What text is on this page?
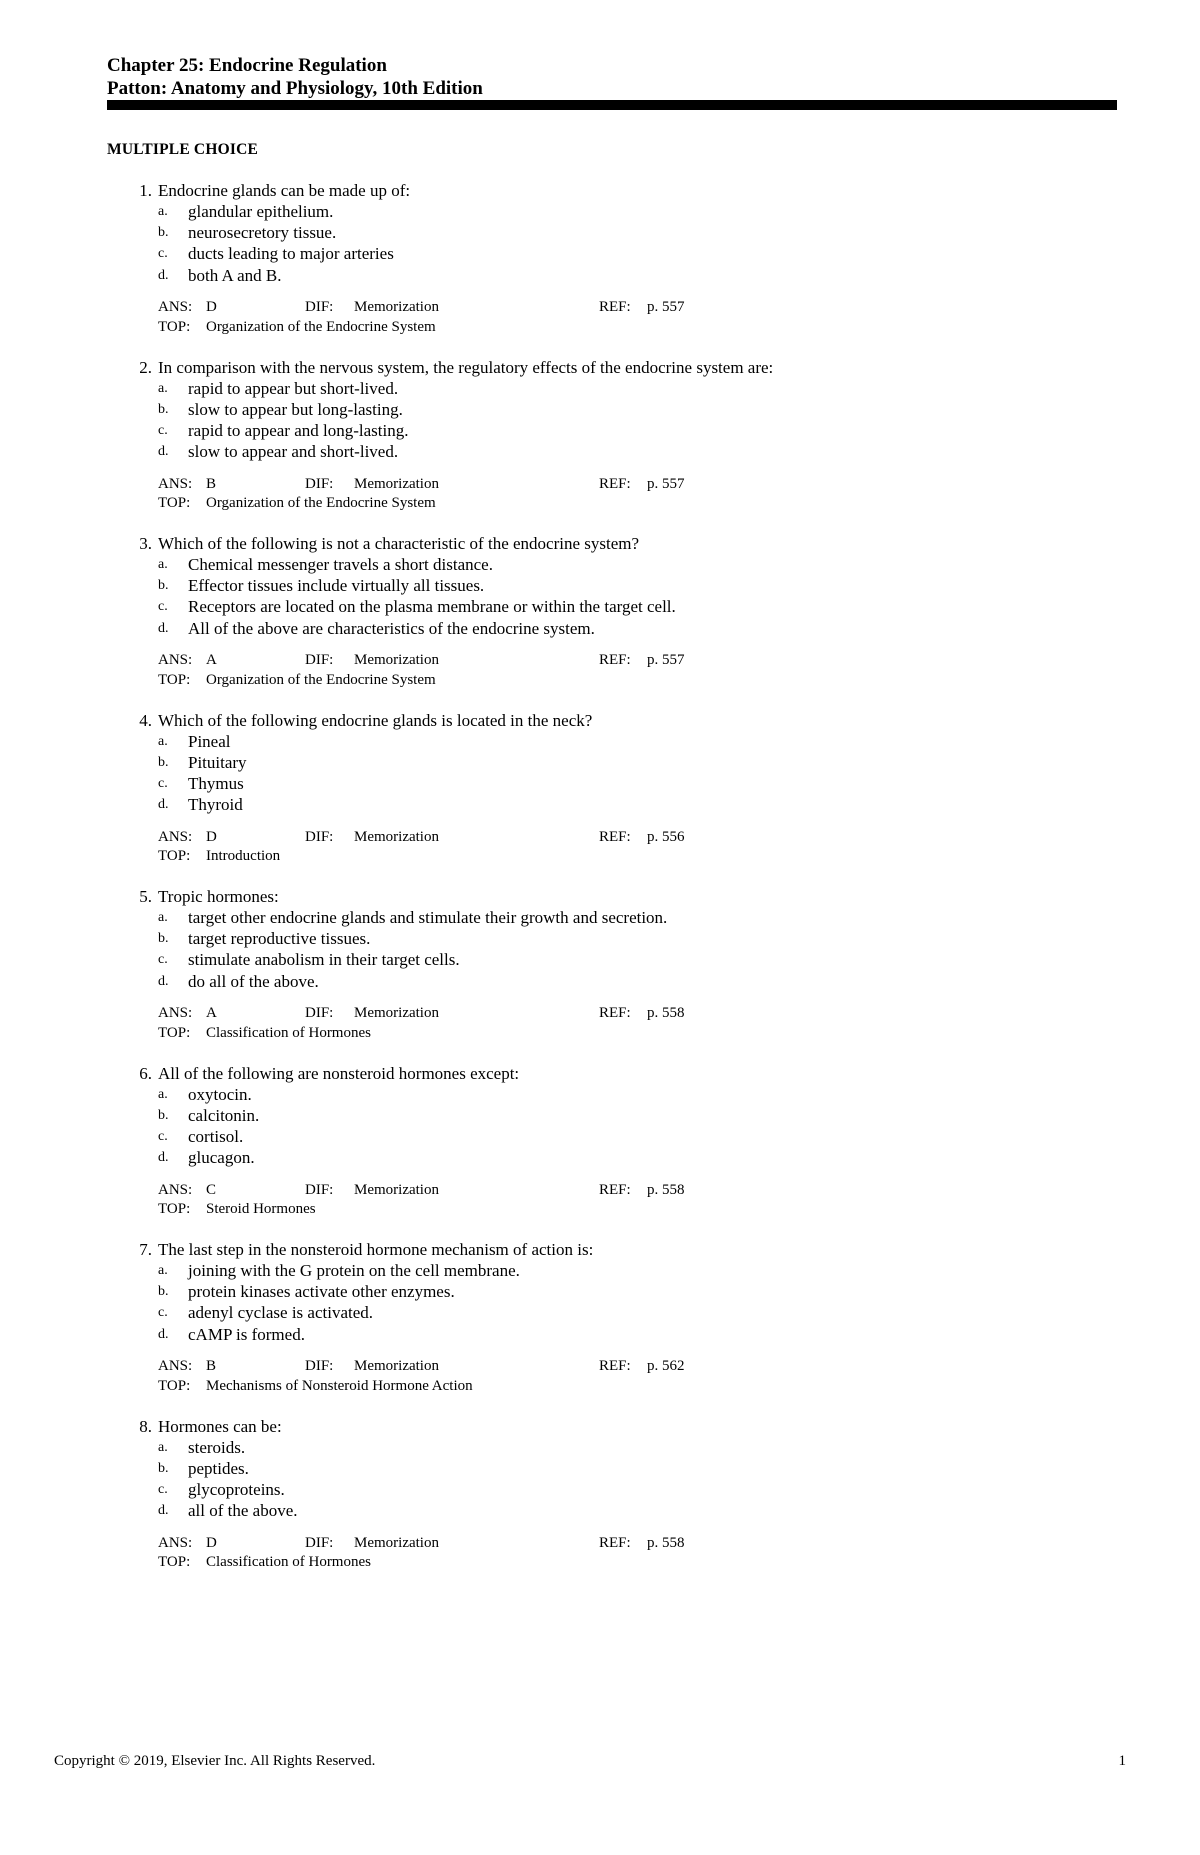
Chapter 25: Endocrine Regulation
Patton: Anatomy and Physiology, 10th Edition
MULTIPLE CHOICE
1. Endocrine glands can be made up of:
a. glandular epithelium.
b. neurosecretory tissue.
c. ducts leading to major arteries
d. both A and B.
ANS: D	DIF: Memorization	REF: p. 557
TOP: Organization of the Endocrine System
2. In comparison with the nervous system, the regulatory effects of the endocrine system are:
a. rapid to appear but short-lived.
b. slow to appear but long-lasting.
c. rapid to appear and long-lasting.
d. slow to appear and short-lived.
ANS: B	DIF: Memorization	REF: p. 557
TOP: Organization of the Endocrine System
3. Which of the following is not a characteristic of the endocrine system?
a. Chemical messenger travels a short distance.
b. Effector tissues include virtually all tissues.
c. Receptors are located on the plasma membrane or within the target cell.
d. All of the above are characteristics of the endocrine system.
ANS: A	DIF: Memorization	REF: p. 557
TOP: Organization of the Endocrine System
4. Which of the following endocrine glands is located in the neck?
a. Pineal
b. Pituitary
c. Thymus
d. Thyroid
ANS: D	DIF: Memorization	REF: p. 556
TOP: Introduction
5. Tropic hormones:
a. target other endocrine glands and stimulate their growth and secretion.
b. target reproductive tissues.
c. stimulate anabolism in their target cells.
d. do all of the above.
ANS: A	DIF: Memorization	REF: p. 558
TOP: Classification of Hormones
6. All of the following are nonsteroid hormones except:
a. oxytocin.
b. calcitonin.
c. cortisol.
d. glucagon.
ANS: C	DIF: Memorization	REF: p. 558
TOP: Steroid Hormones
7. The last step in the nonsteroid hormone mechanism of action is:
a. joining with the G protein on the cell membrane.
b. protein kinases activate other enzymes.
c. adenyl cyclase is activated.
d. cAMP is formed.
ANS: B	DIF: Memorization	REF: p. 562
TOP: Mechanisms of Nonsteroid Hormone Action
8. Hormones can be:
a. steroids.
b. peptides.
c. glycoproteins.
d. all of the above.
ANS: D	DIF: Memorization	REF: p. 558
TOP: Classification of Hormones
Copyright © 2019, Elsevier Inc. All Rights Reserved.	1
